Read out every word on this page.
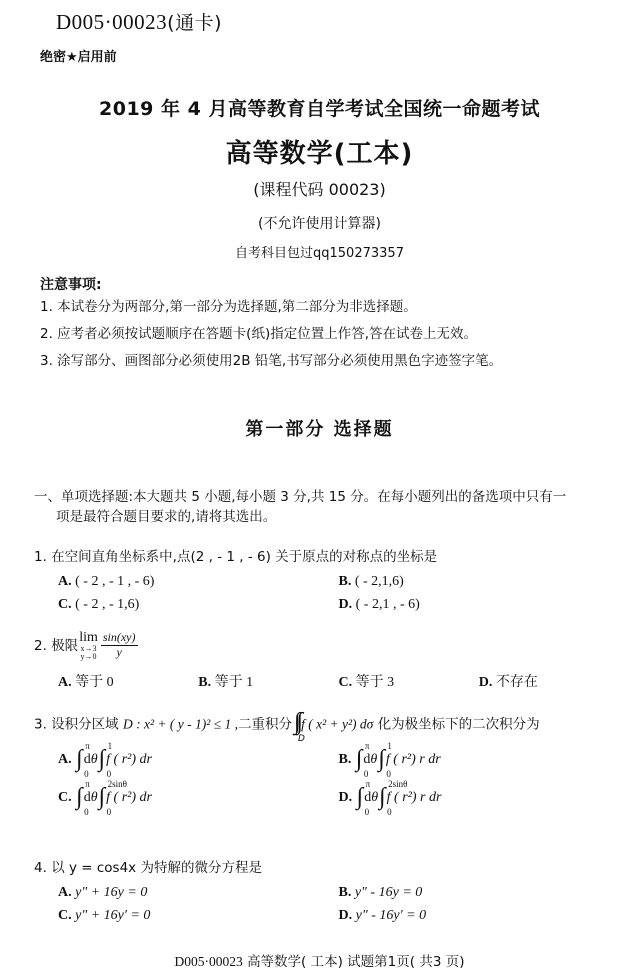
D005·00023(通卡)
绝密★启用前
2019 年 4 月高等教育自学考试全国统一命题考试
高等数学(工本)
(课程代码 00023)
(不允许使用计算器)
自考科目包过qq150273357
注意事项:
1. 本试卷分为两部分,第一部分为选择题,第二部分为非选择题。
2. 应考者必须按试题顺序在答题卡(纸)指定位置上作答,答在试卷上无效。
3. 涂写部分、画图部分必须使用2B 铅笔,书写部分必须使用黑色字迹签字笔。
第一部分 选择题
一、单项选择题:本大题共 5 小题,每小题 3 分,共 15 分。在每小题列出的备选项中只有一
项是最符合题目要求的,请将其选出。
1. 在空间直角坐标系中,点(2 , - 1 , - 6) 关于原点的对称点的坐标是
A. ( - 2 , - 1 , - 6)	B. ( - 2,1,6)
C. ( - 2 , - 1,6)	D. ( - 2,1 , - 6)
2. 极限
lim
x→3
$y\to 0 \frac{\sin(xy)}{y}$
A. 等于 0	B. 等于 1	C. 等于 3	D. 不存在
3. 设积分区域 D : x² + ( y - 1)² ≤ 1 ,二重积分∫∫
D
f ( x² + y²) dσ 化为极坐标下的二次积分为
A. ∫ π
0
dθ∫ 1
0
f ( r²) dr	B. ∫ π
0
dθ∫ 1
0
f ( r²) r dr
C. ∫ π
0
dθ∫ 2sinθ
0
f ( r²) dr	D. ∫ π
0
dθ∫ 2sinθ
0
f ( r²) r dr
4. 以 y = cos4x 为特解的微分方程是
A. y" + 16y = 0	B. y" - 16y = 0
C. y" + 16y′ = 0	D. y" - 16y′ = 0
D005·00023 高等数学( 工本) 试题第1页( 共3 页)
